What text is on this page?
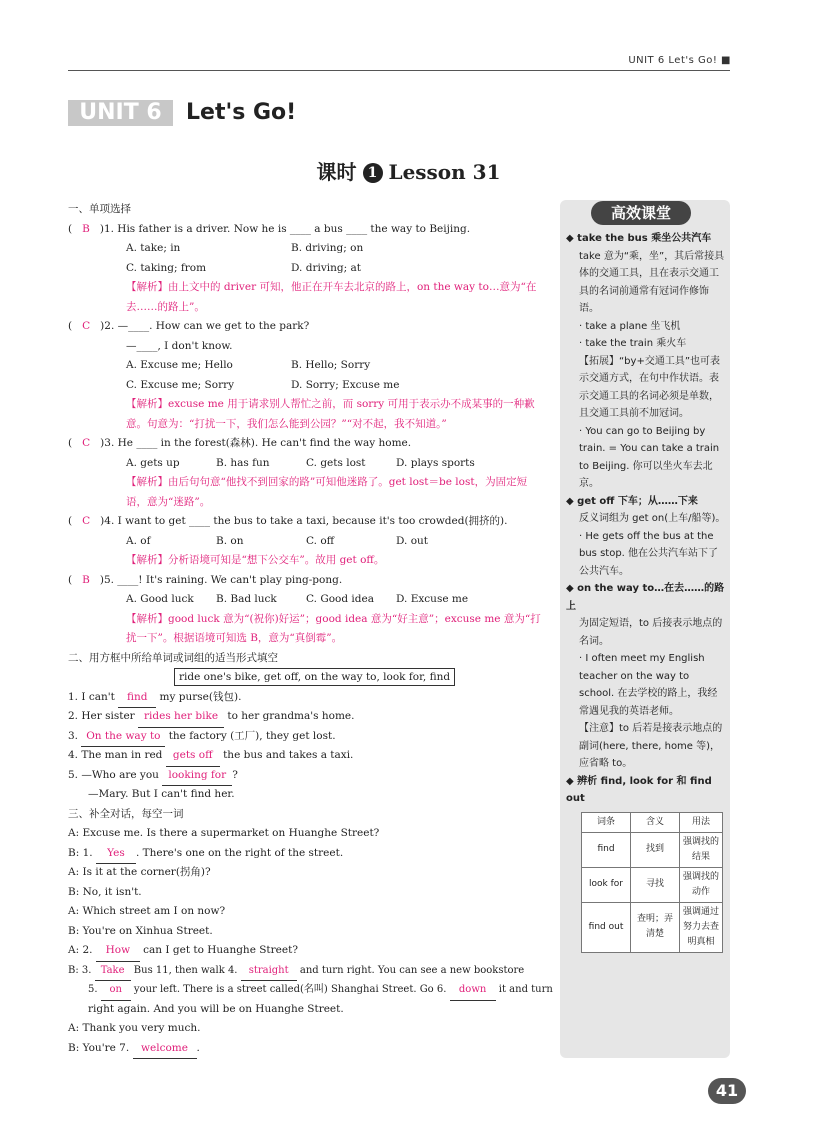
UNIT 6 Let's Go! ■
UNIT 6	Let's Go!
课时 1 Lesson 31
一、单项选择
(   B   )1. His father is a driver. Now he is ____ a bus ____ the way to Beijing.
A. take; in	B. driving; on
C. taking; from	D. driving; at
【解析】由上文中的 driver 可知，他正在开车去北京的路上，on the way to…意为“在去……的路上”。
(   C   )2. —____. How can we get to the park?
—____, I don't know.
A. Excuse me; Hello	B. Hello; Sorry
C. Excuse me; Sorry	D. Sorry; Excuse me
【解析】excuse me 用于请求别人帮忙之前，而 sorry 可用于表示办不成某事的一种歉意。句意为：“打扰一下，我们怎么能到公园？”“对不起，我不知道。”
(   C   )3. He ____ in the forest(森林). He can't find the way home.
A. gets up	B. has fun	C. gets lost	D. plays sports
【解析】由后句句意“他找不到回家的路”可知他迷路了。get lost＝be lost，为固定短语，意为“迷路”。
(   C   )4. I want to get ____ the bus to take a taxi, because it's too crowded(拥挤的).
A. of	B. on	C. off	D. out
【解析】分析语境可知是“想下公交车”。故用 get off。
(   B   )5. ____! It's raining. We can't play ping-pong.
A. Good luck B. Bad luck	C. Good idea D. Excuse me
【解析】good luck 意为“(祝你)好运”；good idea 意为“好主意”；excuse me 意为“打扰一下”。根据语境可知选 B，意为“真倒霉”。
二、用方框中所给单词或词组的适当形式填空
ride one's bike, get off, on the way to, look for, find
1. I can't find my purse(钱包).
2. Her sister rides her bike to her grandma's home.
3. On the way to the factory (工厂), they get lost.
4. The man in red gets off the bus and takes a taxi.
5. —Who are you looking for ?
—Mary. But I can't find her.
三、补全对话，每空一词
A: Excuse me. Is there a supermarket on Huanghe Street?
B: 1. Yes . There's one on the right of the street.
A: Is it at the corner(拐角)?
B: No, it isn't.
A: Which street am I on now?
B: You're on Xinhua Street.
A: 2. How can I get to Huanghe Street?
B: 3. Take Bus 11, then walk 4. straight and turn right. You can see a new bookstore
5. on your left. There is a street called(名叫) Shanghai Street. Go 6. down it and turn
right again. And you will be on Huanghe Street.
A: Thank you very much.
B: You're 7. welcome .
高效课堂
◆ take the bus 乘坐公共汽车
take 意为“乘，坐”，其后常接具体的交通工具，且在表示交通工具的名词前通常有冠词作修饰语。
· take a plane 坐飞机
· take the train 乘火车
【拓展】“by+交通工具”也可表示交通方式，在句中作状语。表示交通工具的名词必须是单数，且交通工具前不加冠词。
· You can go to Beijing by train. = You can take a train to Beijing. 你可以坐火车去北京。
◆ get off 下车；从……下来
反义词组为 get on(上车/船等)。
· He gets off the bus at the bus stop. 他在公共汽车站下了公共汽车。
◆ on the way to…在去……的路上
为固定短语，to 后接表示地点的名词。
· I often meet my English teacher on the way to school. 在去学校的路上，我经常遇见我的英语老师。
【注意】to 后若是接表示地点的副词(here, there, home 等)，应省略 to。
◆ 辨析 find, look for 和 find out
词条	含义	用法
find	找到	强调找的结果
look for	寻找	强调找的动作
find out	查明；弄清楚	强调通过努力去查明真相
41
